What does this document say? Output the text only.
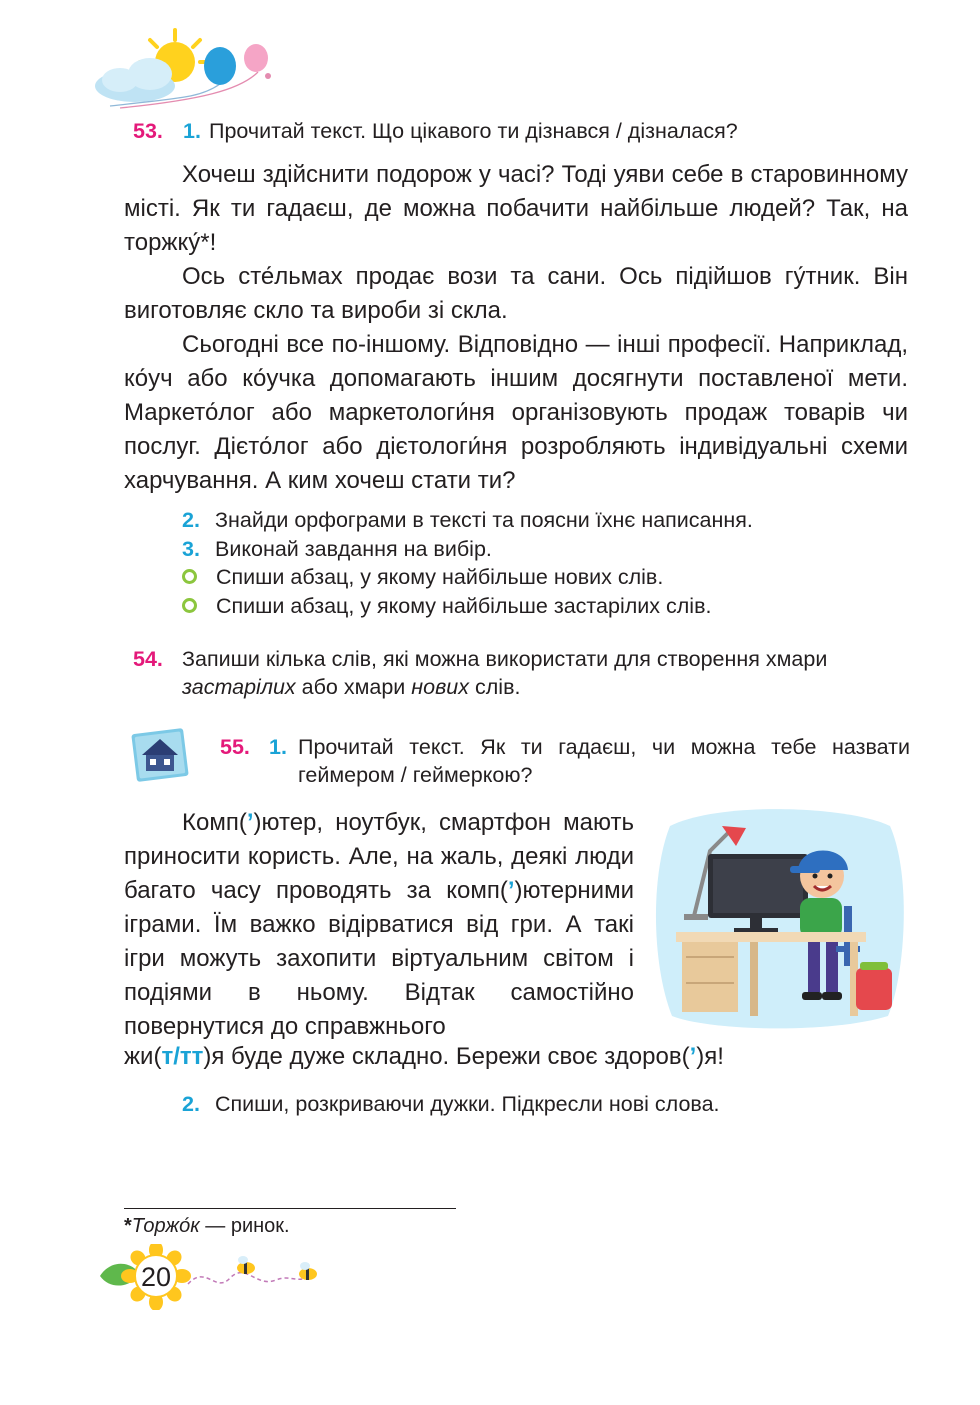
53. 1. Прочитай текст. Що цікавого ти дізнався / дізналася?

Хочеш здійснити подорож у часі? Тоді уяви себе в старовинному місті. Як ти гадаєш, де можна побачити найбільше людей? Так, на торжку́*!

Ось сте́льмах продає вози та сани. Ось підійшов гу́тник. Він виготовляє скло та вироби зі скла.

Сьогодні все по-іншому. Відповідно — інші професії. Наприклад, ко́уч або ко́учка допомагають іншим досягнути поставленої мети. Маркето́лог або маркетологи́ня організовують продаж товарів чи послуг. Дієто́лог або дієтологи́ня розробляють індивідуальні схеми харчування. А ким хочеш стати ти?

2. Знайди орфограми в тексті та поясни їхнє написання.
3. Виконай завдання на вибір.
Спиши абзац, у якому найбільше нових слів.
Спиши абзац, у якому найбільше застарілих слів.
54. Запиши кілька слів, які можна використати для створення хмари застарілих або хмари нових слів.
55. 1. Прочитай текст. Як ти гадаєш, чи можна тебе назвати геймером / геймеркою?

Комп(’)ютер, ноутбук, смартфон мають приносити користь. Але, на жаль, деякі люди багато часу проводять за комп(’)ютерними іграми. Їм важко відірватися від гри. А такі ігри можуть захопити віртуальним світом і подіями в ньому. Відтак самостійно повернутися до справжнього

жи(т/тт)я буде дуже складно. Бережи своє здоров(’)я!
2. Спиши, розкриваючи дужки. Підкресли нові слова.
*Торжо́к — ринок.
20
